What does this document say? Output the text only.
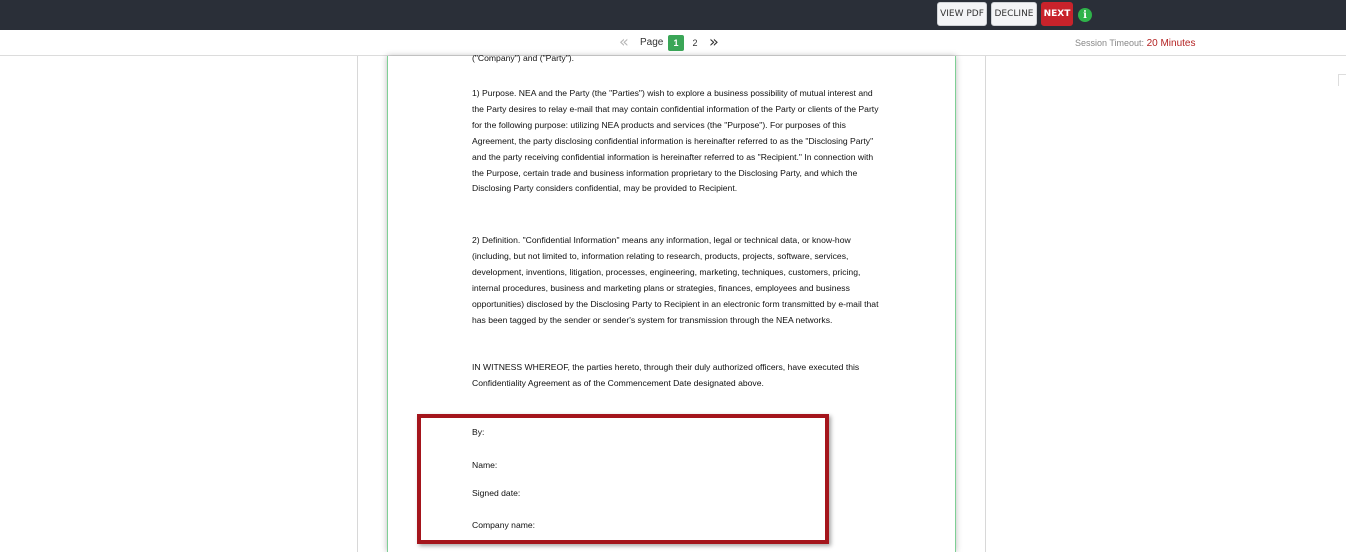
VIEW PDF	DECLINE	NEXT	i
« Page	1	2 »	Session Timeout: 20 Minutes
("Company") and ("Party").
1) Purpose. NEA and the Party (the "Parties") wish to explore a business possibility of mutual interest and the Party desires to relay e-mail that may contain confidential information of the Party or clients of the Party for the following purpose: utilizing NEA products and services (the "Purpose"). For purposes of this Agreement, the party disclosing confidential information is hereinafter referred to as the "Disclosing Party" and the party receiving confidential information is hereinafter referred to as "Recipient." In connection with the Purpose, certain trade and business information proprietary to the Disclosing Party, and which the Disclosing Party considers confidential, may be provided to Recipient.
2) Definition. "Confidential Information" means any information, legal or technical data, or know-how (including, but not limited to, information relating to research, products, projects, software, services, development, inventions, litigation, processes, engineering, marketing, techniques, customers, pricing, internal procedures, business and marketing plans or strategies, finances, employees and business opportunities) disclosed by the Disclosing Party to Recipient in an electronic form transmitted by e-mail that has been tagged by the sender or sender's system for transmission through the NEA networks.
IN WITNESS WHEREOF, the parties hereto, through their duly authorized officers, have executed this Confidentiality Agreement as of the Commencement Date designated above.
By:
Name:
Signed date:
Company name:
